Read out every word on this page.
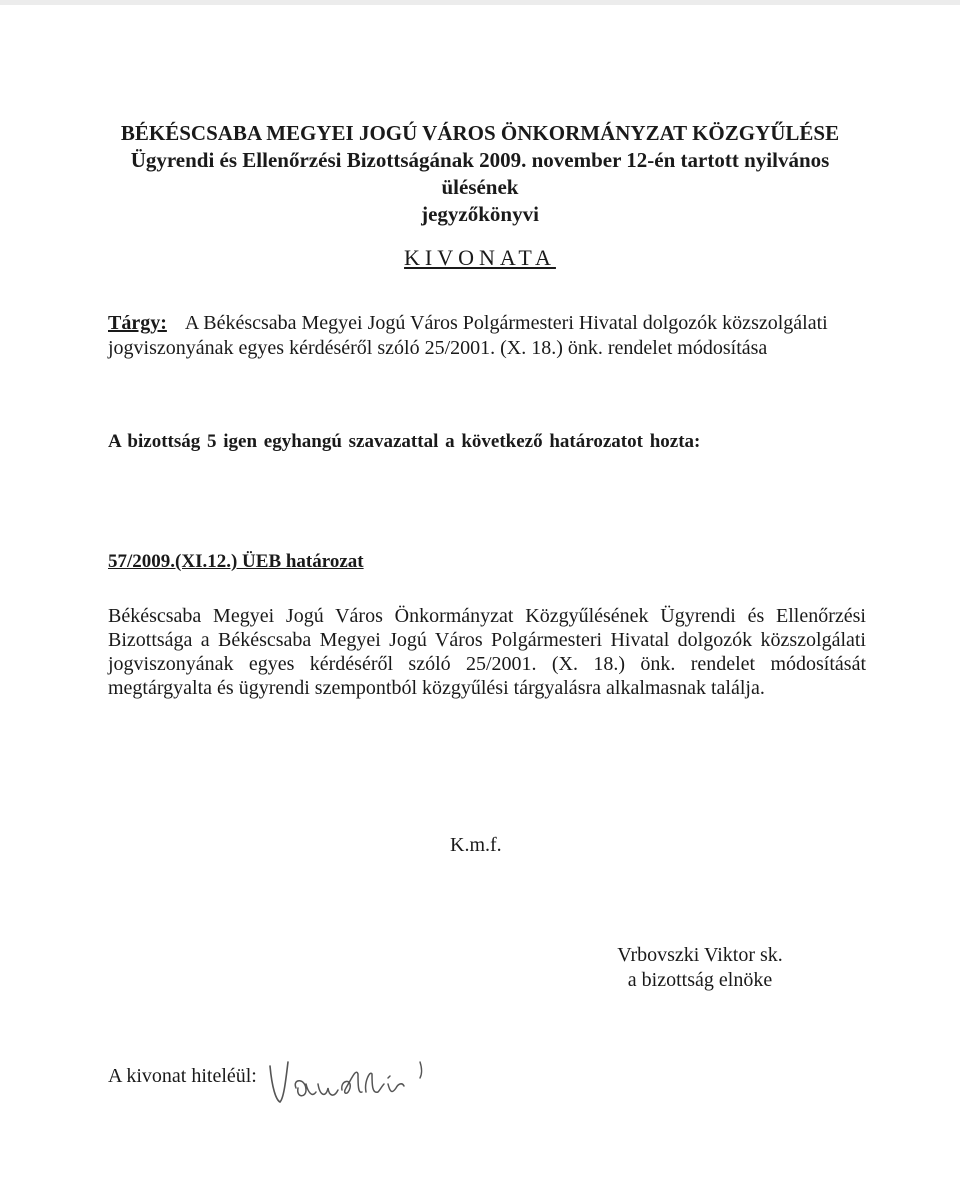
BÉKÉSCSABA MEGYEI JOGÚ VÁROS ÖNKORMÁNYZAT KÖZGYŰLÉSE
Ügyrendi és Ellenőrzési Bizottságának 2009. november 12-én tartott nyilvános ülésének
jegyzőkönyvi
KIVONATA
Tárgy: A Békéscsaba Megyei Jogú Város Polgármesteri Hivatal dolgozók közszolgálati jogviszonyának egyes kérdéséről szóló 25/2001. (X. 18.) önk. rendelet módosítása
A bizottság 5 igen egyhangú szavazattal a következő határozatot hozta:
57/2009.(XI.12.) ÜEB határozat
Békéscsaba Megyei Jogú Város Önkormányzat Közgyűlésének Ügyrendi és Ellenőrzési Bizottsága a Békéscsaba Megyei Jogú Város Polgármesteri Hivatal dolgozók közszolgálati jogviszonyának egyes kérdéséről szóló 25/2001. (X. 18.) önk. rendelet módosítását megtárgyalta és ügyrendi szempontból közgyűlési tárgyalásra alkalmasnak találja.
K.m.f.
Vrbovszki Viktor sk.
a bizottság elnöke
A kivonat hiteléül:
